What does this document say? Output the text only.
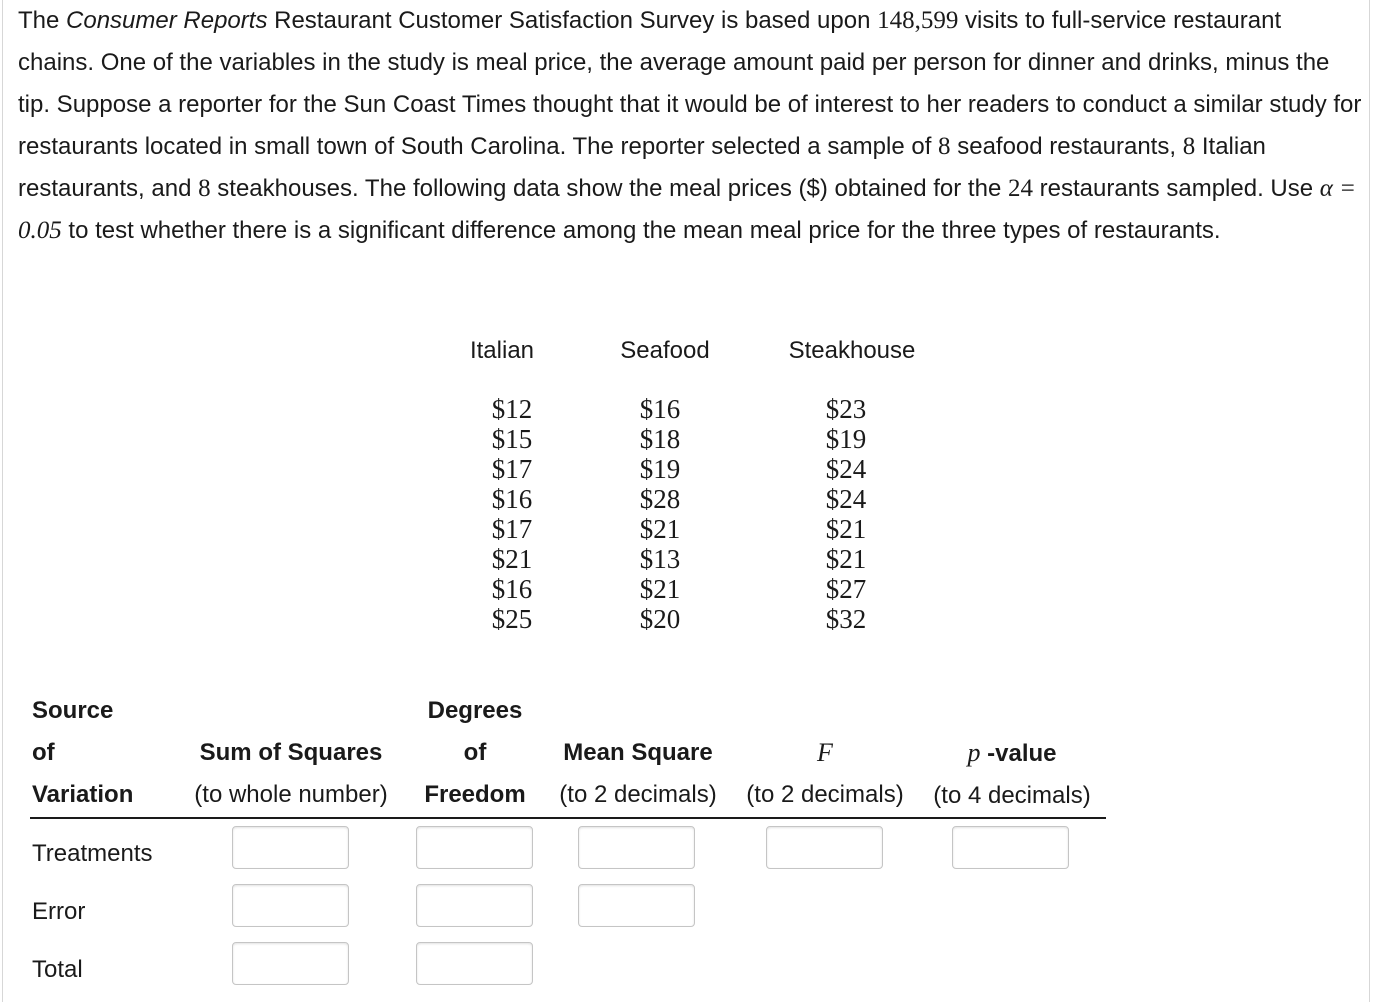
The Consumer Reports Restaurant Customer Satisfaction Survey is based upon 148,599 visits to full-service restaurant chains. One of the variables in the study is meal price, the average amount paid per person for dinner and drinks, minus the tip. Suppose a reporter for the Sun Coast Times thought that it would be of interest to her readers to conduct a similar study for restaurants located in small town of South Carolina. The reporter selected a sample of 8 seafood restaurants, 8 Italian restaurants, and 8 steakhouses. The following data show the meal prices ($) obtained for the 24 restaurants sampled. Use α = 0.05 to test whether there is a significant difference among the mean meal price for the three types of restaurants.

Italian
$12
$15
$17
$16
$17
$21
$16
$25
Seafood
$16
$18
$19
$28
$21
$13
$21
$20
Steakhouse
$23
$19
$24
$24
$21
$21
$27
$32
Source
of
Variation
Sum of Squares
(to whole number)
Degrees
of
Freedom
Mean Square
(to 2 decimals)
F
(to 2 decimals)
p -value
(to 4 decimals)
Treatments
Error
Total
